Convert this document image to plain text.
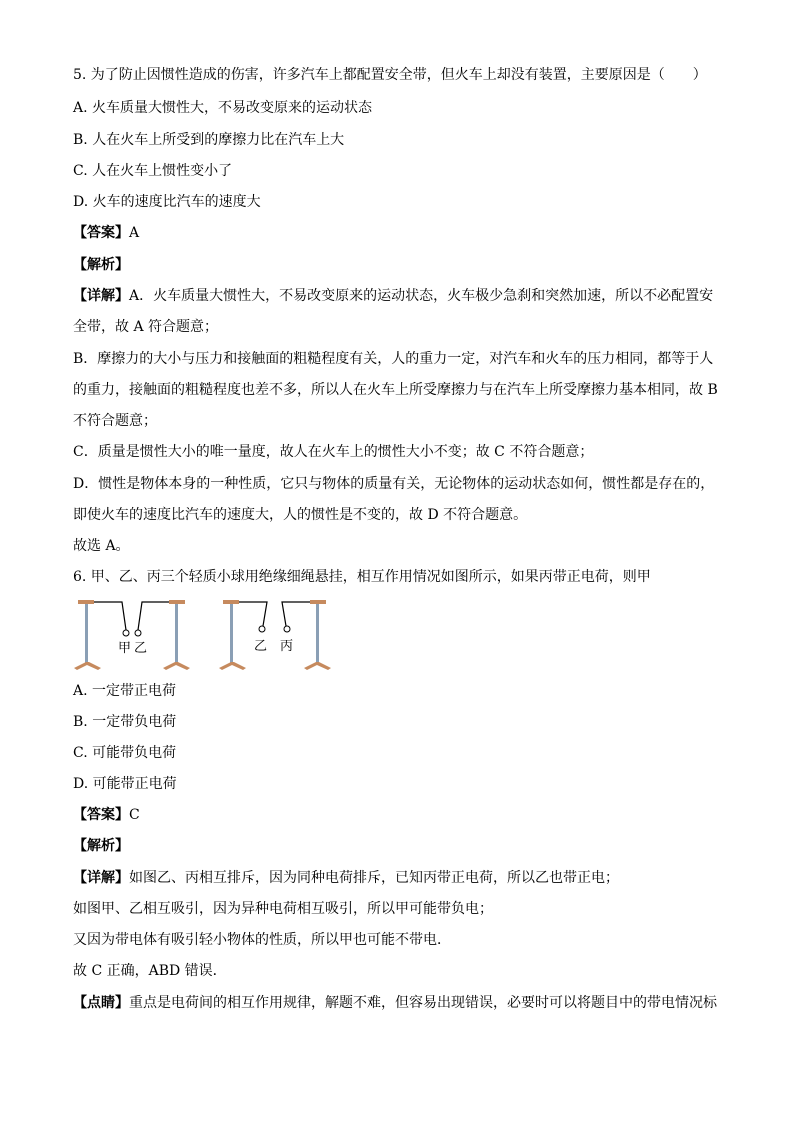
5. 为了防止因惯性造成的伤害，许多汽车上都配置安全带，但火车上却没有装置，主要原因是（　　）
A. 火车质量大惯性大，不易改变原来的运动状态
B. 人在火车上所受到的摩擦力比在汽车上大
C. 人在火车上惯性变小了
D. 火车的速度比汽车的速度大
【答案】A
【解析】
【详解】A．火车质量大惯性大，不易改变原来的运动状态，火车极少急刹和突然加速，所以不必配置安
全带，故 A 符合题意；
B．摩擦力的大小与压力和接触面的粗糙程度有关，人的重力一定，对汽车和火车的压力相同，都等于人
的重力，接触面的粗糙程度也差不多，所以人在火车上所受摩擦力与在汽车上所受摩擦力基本相同，故 B
不符合题意；
C．质量是惯性大小的唯一量度，故人在火车上的惯性大小不变；故 C 不符合题意；
D．惯性是物体本身的一种性质，它只与物体的质量有关，无论物体的运动状态如何，惯性都是存在的，
即使火车的速度比汽车的速度大，人的惯性是不变的，故 D 不符合题意。
故选 A。
6. 甲、乙、丙三个轻质小球用绝缘细绳悬挂，相互作用情况如图所示，如果丙带正电荷，则甲
甲 乙	乙 丙
A. 一定带正电荷
B. 一定带负电荷
C. 可能带负电荷
D. 可能带正电荷
【答案】C
【解析】
【详解】如图乙、丙相互排斥，因为同种电荷排斥，已知丙带正电荷，所以乙也带正电；
如图甲、乙相互吸引，因为异种电荷相互吸引，所以甲可能带负电；
又因为带电体有吸引轻小物体的性质，所以甲也可能不带电．
故 C 正确，ABD 错误．
【点睛】重点是电荷间的相互作用规律，解题不难，但容易出现错误，必要时可以将题目中的带电情况标
